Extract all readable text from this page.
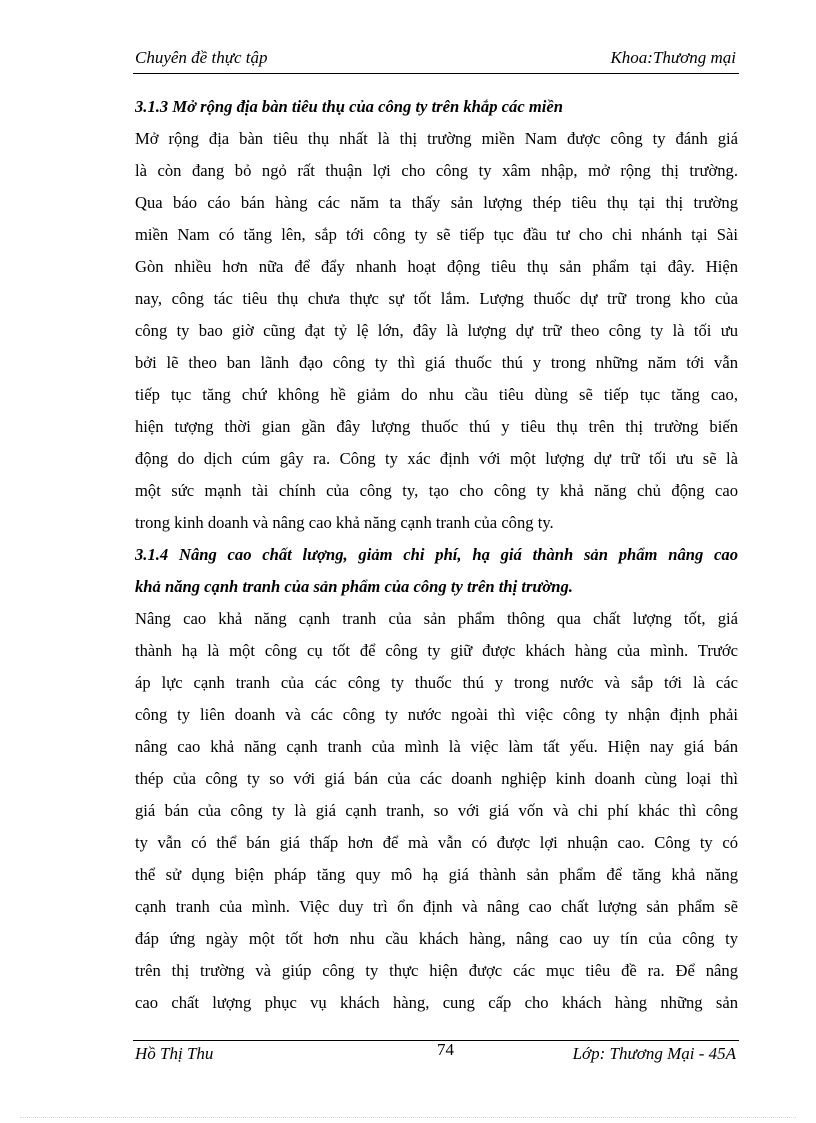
Chuyên đề thực tập	Khoa:Thương mại
3.1.3 Mở rộng địa bàn tiêu thụ của công ty trên khắp các miền
Mở rộng địa bàn tiêu thụ nhất là thị trường miền Nam được công ty đánh giá
là còn đang bỏ ngỏ rất thuận lợi cho công ty xâm nhập, mở rộng thị trường.
Qua báo cáo bán hàng các năm ta thấy sản lượng thép tiêu thụ tại thị trường
miền Nam có tăng lên, sắp tới công ty sẽ tiếp tục đầu tư cho chi nhánh tại Sài
Gòn nhiều hơn nữa để đẩy nhanh hoạt động tiêu thụ sản phẩm tại đây. Hiện
nay, công tác tiêu thụ chưa thực sự tốt lắm. Lượng thuốc dự trữ trong kho của
công ty bao giờ cũng đạt tỷ lệ lớn, đây là lượng dự trữ theo công ty là tối ưu
bởi lẽ theo ban lãnh đạo công ty thì giá thuốc thú y trong những năm tới vẫn
tiếp tục tăng chứ không hề giảm do nhu cầu tiêu dùng sẽ tiếp tục tăng cao,
hiện tượng thời gian gần đây lượng thuốc thú y tiêu thụ trên thị trường biến
động do dịch cúm gây ra. Công ty xác định với một lượng dự trữ tối ưu sẽ là
một sức mạnh tài chính của công ty, tạo cho công ty khả năng chủ động cao
trong kinh doanh và nâng cao khả năng cạnh tranh của công ty.
3.1.4 Nâng cao chất lượng, giảm chi phí, hạ giá thành sản phẩm nâng cao
khả năng cạnh tranh của sản phẩm của công ty trên thị trường.
Nâng cao khả năng cạnh tranh của sản phẩm thông qua chất lượng tốt, giá
thành hạ là một công cụ tốt để công ty giữ được khách hàng của mình. Trước
áp lực cạnh tranh của các công ty thuốc thú y trong nước và sắp tới là các
công ty liên doanh và các công ty nước ngoài thì việc công ty nhận định phải
nâng cao khả năng cạnh tranh của mình là việc làm tất yếu. Hiện nay giá bán
thép của công ty so với giá bán của các doanh nghiệp kinh doanh cùng loại thì
giá bán của công ty là giá cạnh tranh, so với giá vốn và chi phí khác thì công
ty vẫn có thể bán giá thấp hơn để mà vẫn có được lợi nhuận cao. Công ty có
thể sử dụng biện pháp tăng quy mô hạ giá thành sản phẩm để tăng khả năng
cạnh tranh của mình. Việc duy trì ổn định và nâng cao chất lượng sản phẩm sẽ
đáp ứng ngày một tốt hơn nhu cầu khách hàng, nâng cao uy tín của công ty
trên thị trường và giúp công ty thực hiện được các mục tiêu đề ra. Để nâng
cao chất lượng phục vụ khách hàng, cung cấp cho khách hàng những sản
Hồ Thị Thu	74	Lớp: Thương Mại - 45A
